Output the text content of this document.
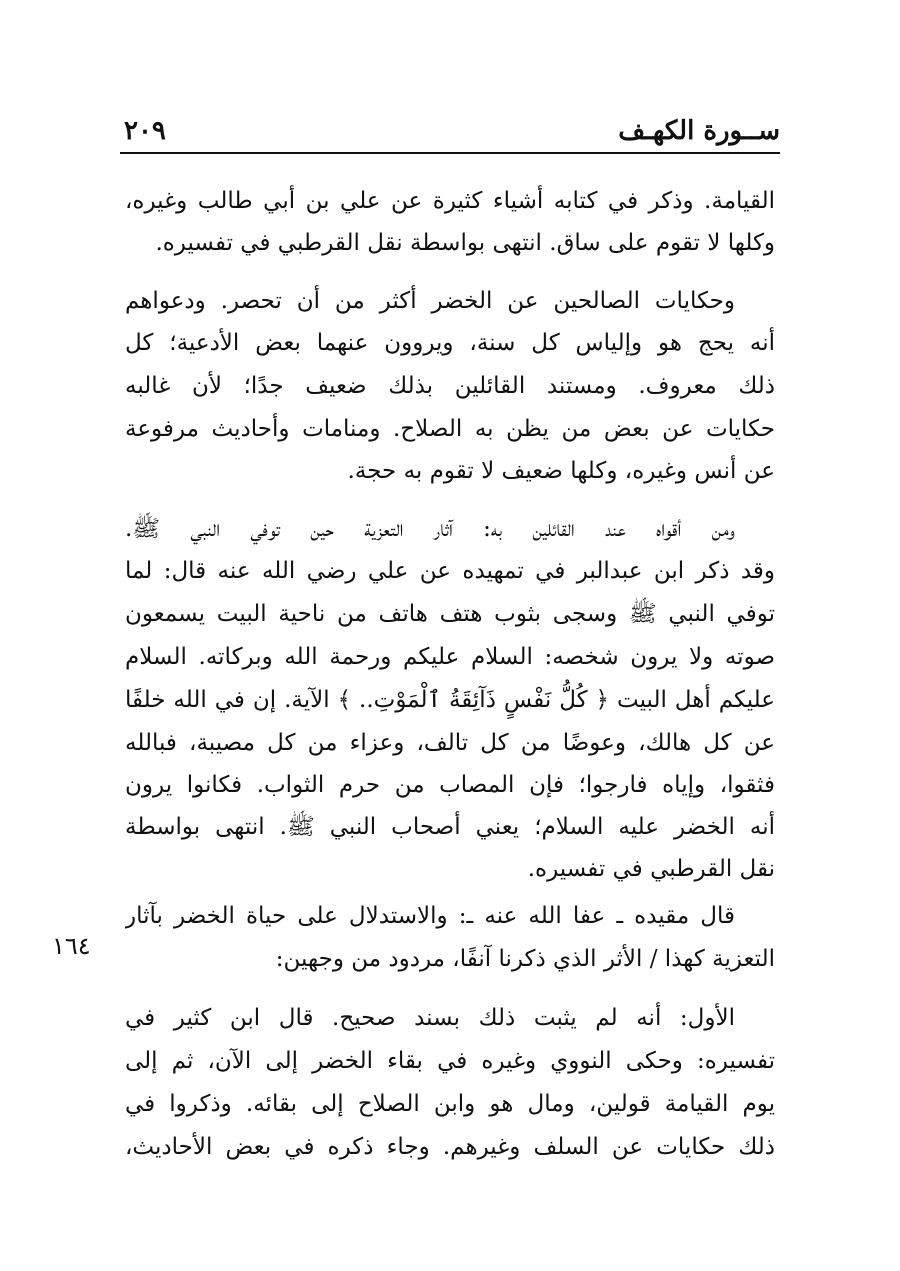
ســورة الكهـف
٢٠٩
١٦٤
القيامة. وذكر في كتابه أشياء كثيرة عن علي بن أبي طالب وغيره،
وكلها لا تقوم على ساق. انتهى بواسطة نقل القرطبي في تفسيره.
وحكايات الصالحين عن الخضر أكثر من أن تحصر. ودعواهم
أنه يحج هو وإلياس كل سنة، ويروون عنهما بعض الأدعية؛ كل
ذلك معروف. ومستند القائلين بذلك ضعيف جدًا؛ لأن غالبه
حكايات عن بعض من يظن به الصلاح. ومنامات وأحاديث مرفوعة
عن أنس وغيره، وكلها ضعيف لا تقوم به حجة.
ومن أقواه عند القائلين به: آثار التعزية حين توفي النبي ﷺ.
وقد ذكر ابن عبدالبر في تمهيده عن علي رضي الله عنه قال: لما
توفي النبي ﷺ وسجى بثوب هتف هاتف من ناحية البيت يسمعون
صوته ولا يرون شخصه: السلام عليكم ورحمة الله وبركاته. السلام
عليكم أهل البيت ﴿ كُلُّ نَفْسٍ ذَآئِقَةُ ٱلْمَوْتِ.. ﴾ الآية. إن في الله خلفًا
عن كل هالك، وعوضًا من كل تالف، وعزاء من كل مصيبة، فبالله
فثقوا، وإياه فارجوا؛ فإن المصاب من حرم الثواب. فكانوا يرون
أنه الخضر عليه السلام؛ يعني أصحاب النبي ﷺ. انتهى بواسطة
نقل القرطبي في تفسيره.
قال مقيده ـ عفا الله عنه ـ: والاستدلال على حياة الخضر بآثار
التعزية كهذا / الأثر الذي ذكرنا آنفًا، مردود من وجهين:
الأول: أنه لم يثبت ذلك بسند صحيح. قال ابن كثير في
تفسيره: وحكى النووي وغيره في بقاء الخضر إلى الآن، ثم إلى
يوم القيامة قولين، ومال هو وابن الصلاح إلى بقائه. وذكروا في
ذلك حكايات عن السلف وغيرهم. وجاء ذكره في بعض الأحاديث،
